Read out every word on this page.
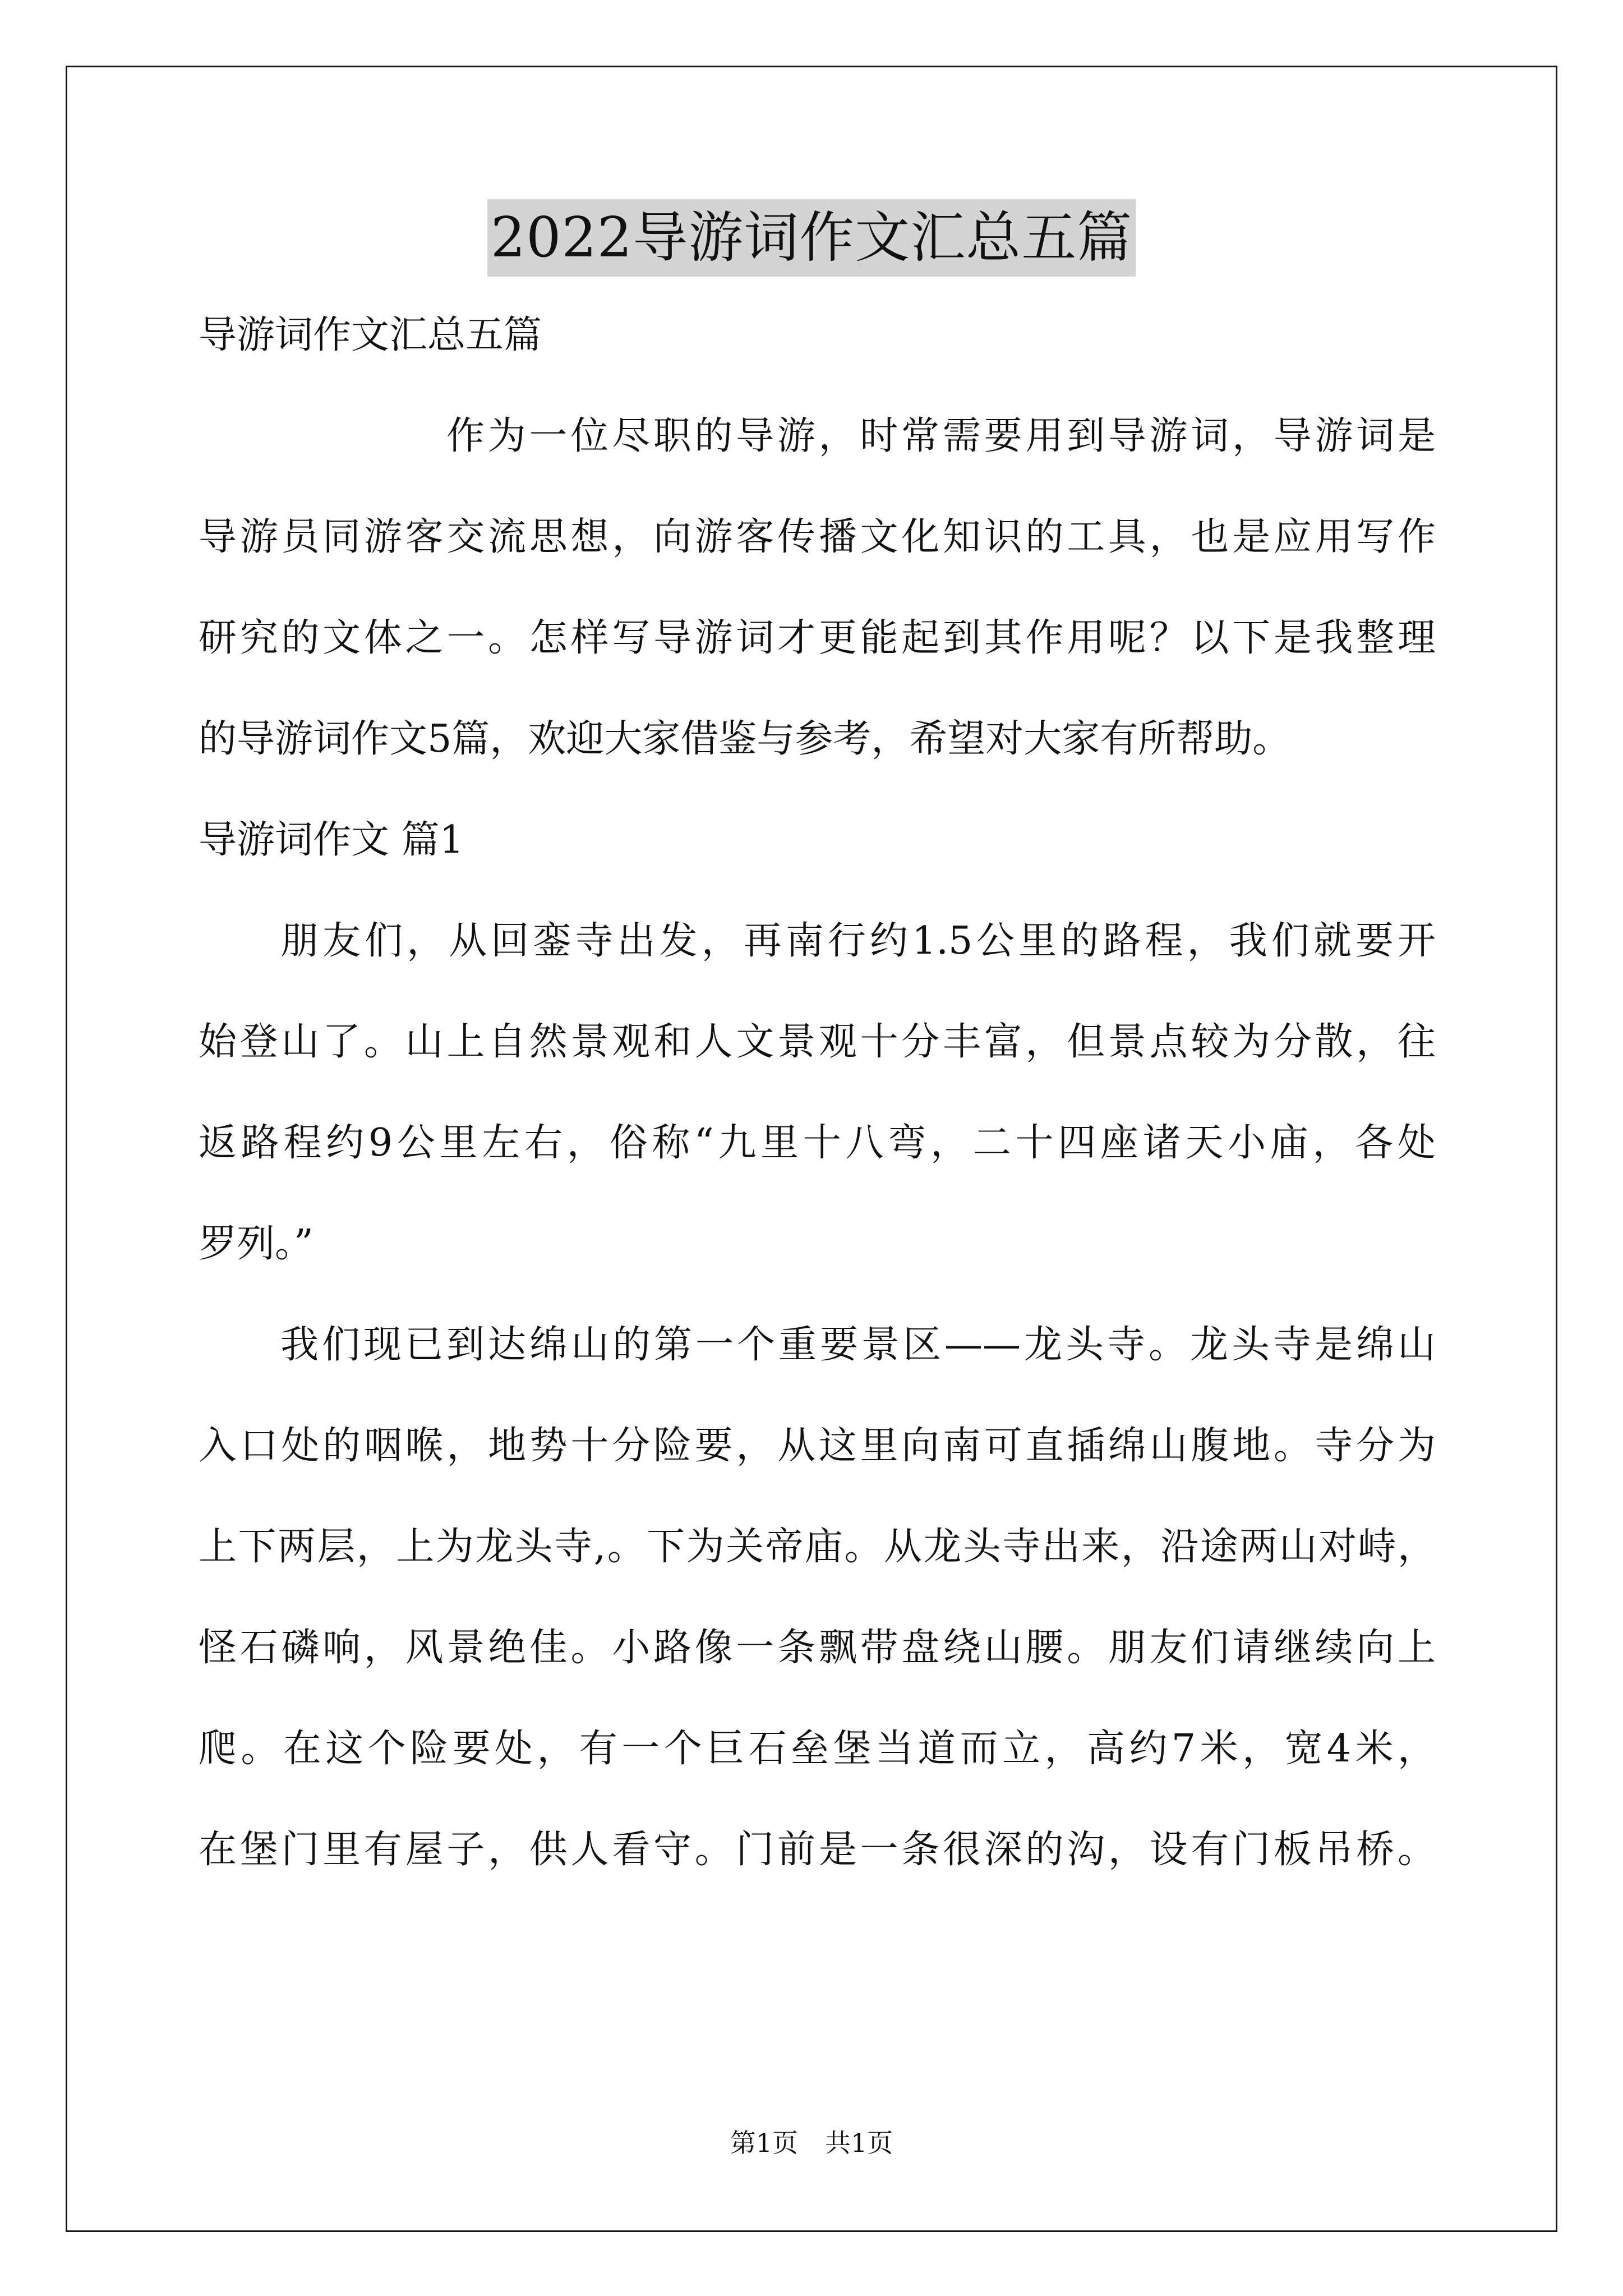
2022导游词作文汇总五篇
导游词作文汇总五篇
作为一位尽职的导游，时常需要用到导游词，导游词是
导游员同游客交流思想，向游客传播文化知识的工具，也是应用写作
研究的文体之一。怎样写导游词才更能起到其作用呢？以下是我整理
的导游词作文5篇，欢迎大家借鉴与参考，希望对大家有所帮助。
导游词作文 篇1
朋友们，从回銮寺出发，再南行约1.5公里的路程，我们就要开
始登山了。山上自然景观和人文景观十分丰富，但景点较为分散，往
返路程约9公里左右，俗称“九里十八弯，二十四座诸天小庙，各处
罗列。”
我们现已到达绵山的第一个重要景区——龙头寺。龙头寺是绵山
入口处的咽喉，地势十分险要，从这里向南可直插绵山腹地。寺分为
上下两层，上为龙头寺,。下为关帝庙。从龙头寺出来，沿途两山对峙，
怪石磷响，风景绝佳。小路像一条飘带盘绕山腰。朋友们请继续向上
爬。在这个险要处，有一个巨石垒堡当道而立，高约7米，宽4米，
在堡门里有屋子，供人看守。门前是一条很深的沟，设有门板吊桥。
第1页 共1页
